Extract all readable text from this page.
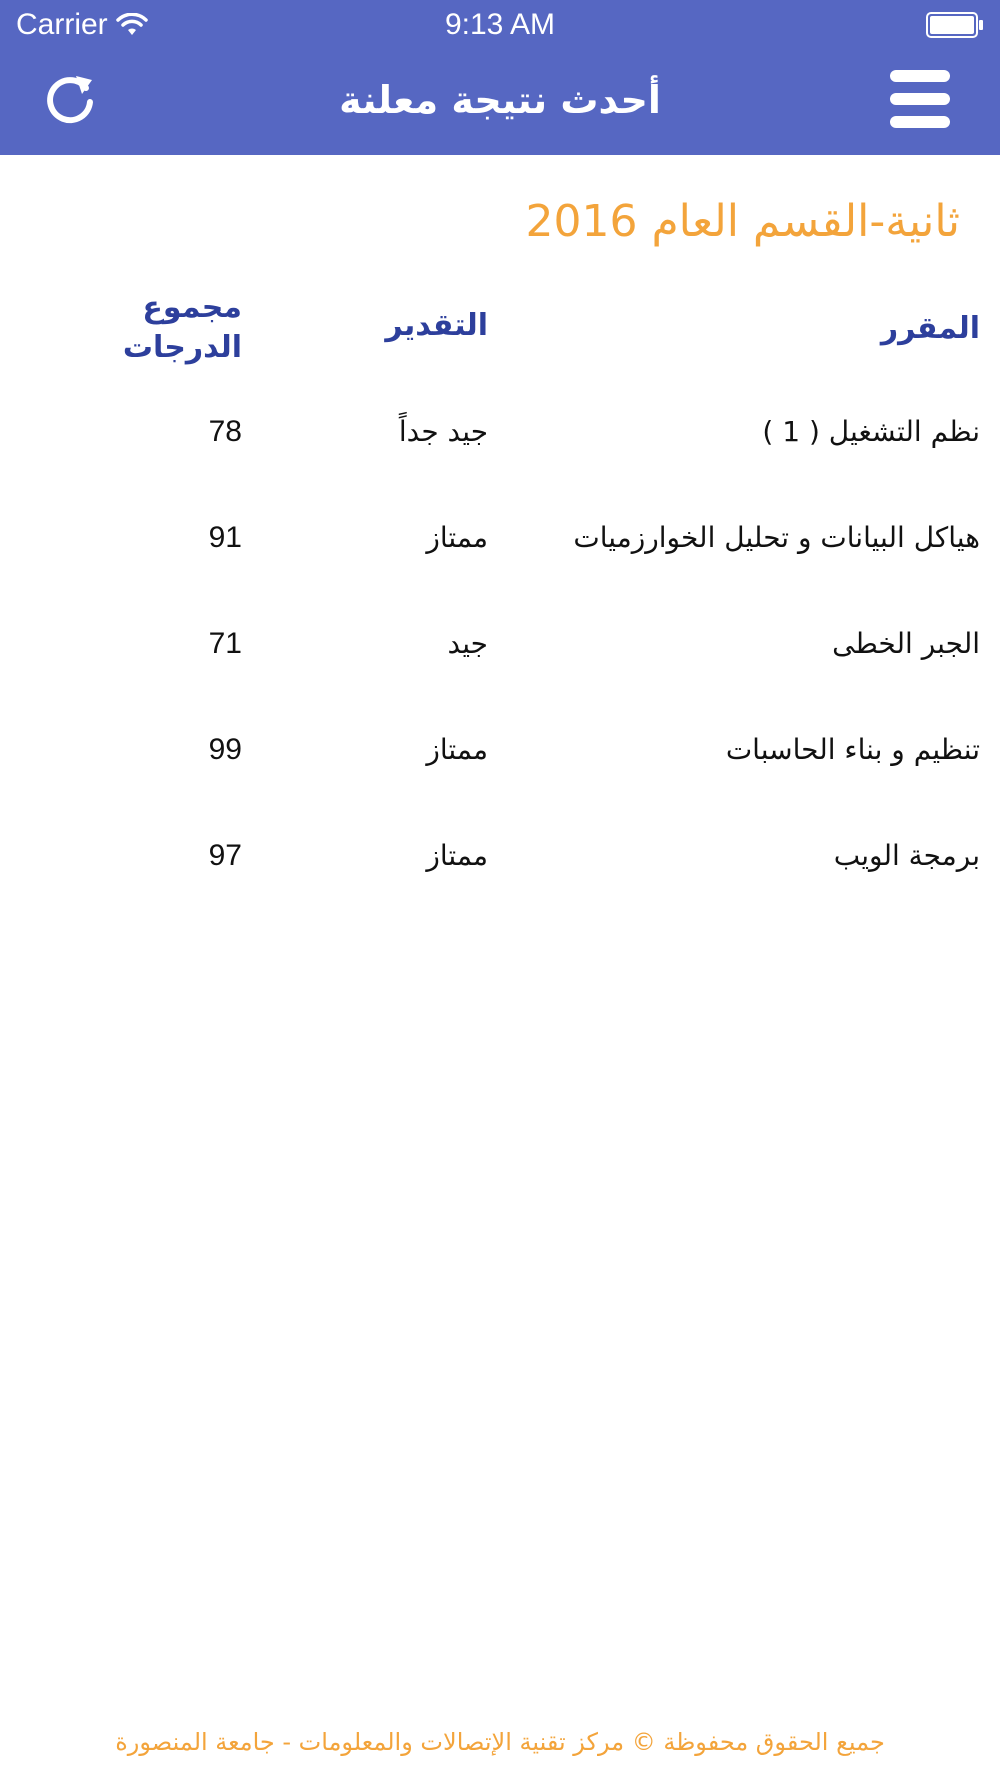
Carrier	9:13 AM
أحدث نتيجة معلنة
ثانية-القسم العام 2016
المقرر
التقدير
مجموع
الدرجات
نظم التشغيل ( 1 )
جيد جداً
78
هياكل البيانات و تحليل الخوارزميات
ممتاز
91
الجبر الخطى
جيد
71
تنظيم و بناء الحاسبات
ممتاز
99
برمجة الويب
ممتاز
97
جميع الحقوق محفوظة © مركز تقنية الإتصالات والمعلومات - جامعة المنصورة
